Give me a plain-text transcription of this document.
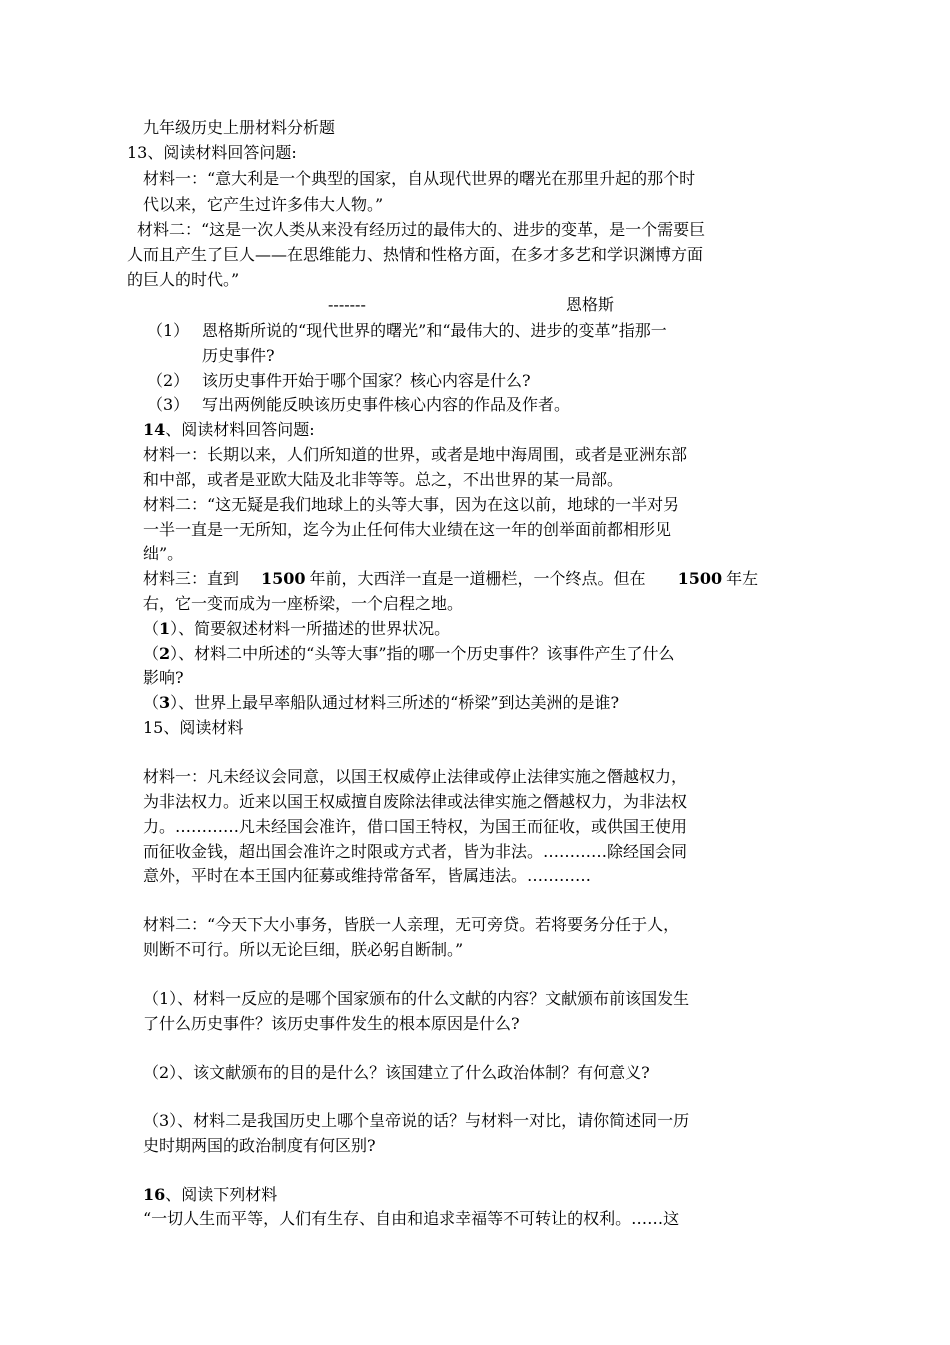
九年级历史上册材料分析题
13、阅读材料回答问题:
材料一：“意大利是一个典型的国家，自从现代世界的曙光在那里升起的那个时
代以来，它产生过许多伟大人物。”
材料二：“这是一次人类从来没有经历过的最伟大的、进步的变革，是一个需要巨
人而且产生了巨人——在思维能力、热情和性格方面，在多才多艺和学识渊博方面
的巨人的时代。”
-------	恩格斯
（1） 恩格斯所说的“现代世界的曙光”和“最伟大的、进步的变革”指那一
历史事件?
（2） 该历史事件开始于哪个国家？核心内容是什么?
（3） 写出两例能反映该历史事件核心内容的作品及作者。
14、阅读材料回答问题:
材料一：长期以来，人们所知道的世界，或者是地中海周围，或者是亚洲东部
和中部，或者是亚欧大陆及北非等等。总之，不出世界的某一局部。
材料二：“这无疑是我们地球上的头等大事，因为在这以前，地球的一半对另
一半一直是一无所知，迄今为止任何伟大业绩在这一年的创举面前都相形见
绌”。
材料三：直到 1500 年前，大西洋一直是一道栅栏，一个终点。但在 1500 年左
右，它一变而成为一座桥梁，一个启程之地。
（1）、简要叙述材料一所描述的世界状况。
（2）、材料二中所述的“头等大事”指的哪一个历史事件？该事件产生了什么
影响?
（3）、世界上最早率船队通过材料三所述的“桥梁”到达美洲的是谁?
15、阅读材料
材料一：凡未经议会同意，以国王权威停止法律或停止法律实施之僭越权力，
为非法权力。近来以国王权威擅自废除法律或法律实施之僭越权力，为非法权
力。…………凡未经国会准许，借口国王特权，为国王而征收，或供国王使用
而征收金钱，超出国会准许之时限或方式者，皆为非法。…………除经国会同
意外，平时在本王国内征募或维持常备军，皆属违法。…………
材料二：“今天下大小事务，皆朕一人亲理，无可旁贷。若将要务分任于人，
则断不可行。所以无论巨细，朕必躬自断制。”
（1）、材料一反应的是哪个国家颁布的什么文献的内容？文献颁布前该国发生
了什么历史事件？该历史事件发生的根本原因是什么?
（2）、该文献颁布的目的是什么？该国建立了什么政治体制？有何意义?
（3）、材料二是我国历史上哪个皇帝说的话？与材料一对比，请你简述同一历
史时期两国的政治制度有何区别?
16、阅读下列材料
“一切人生而平等，人们有生存、自由和追求幸福等不可转让的权利。……这
